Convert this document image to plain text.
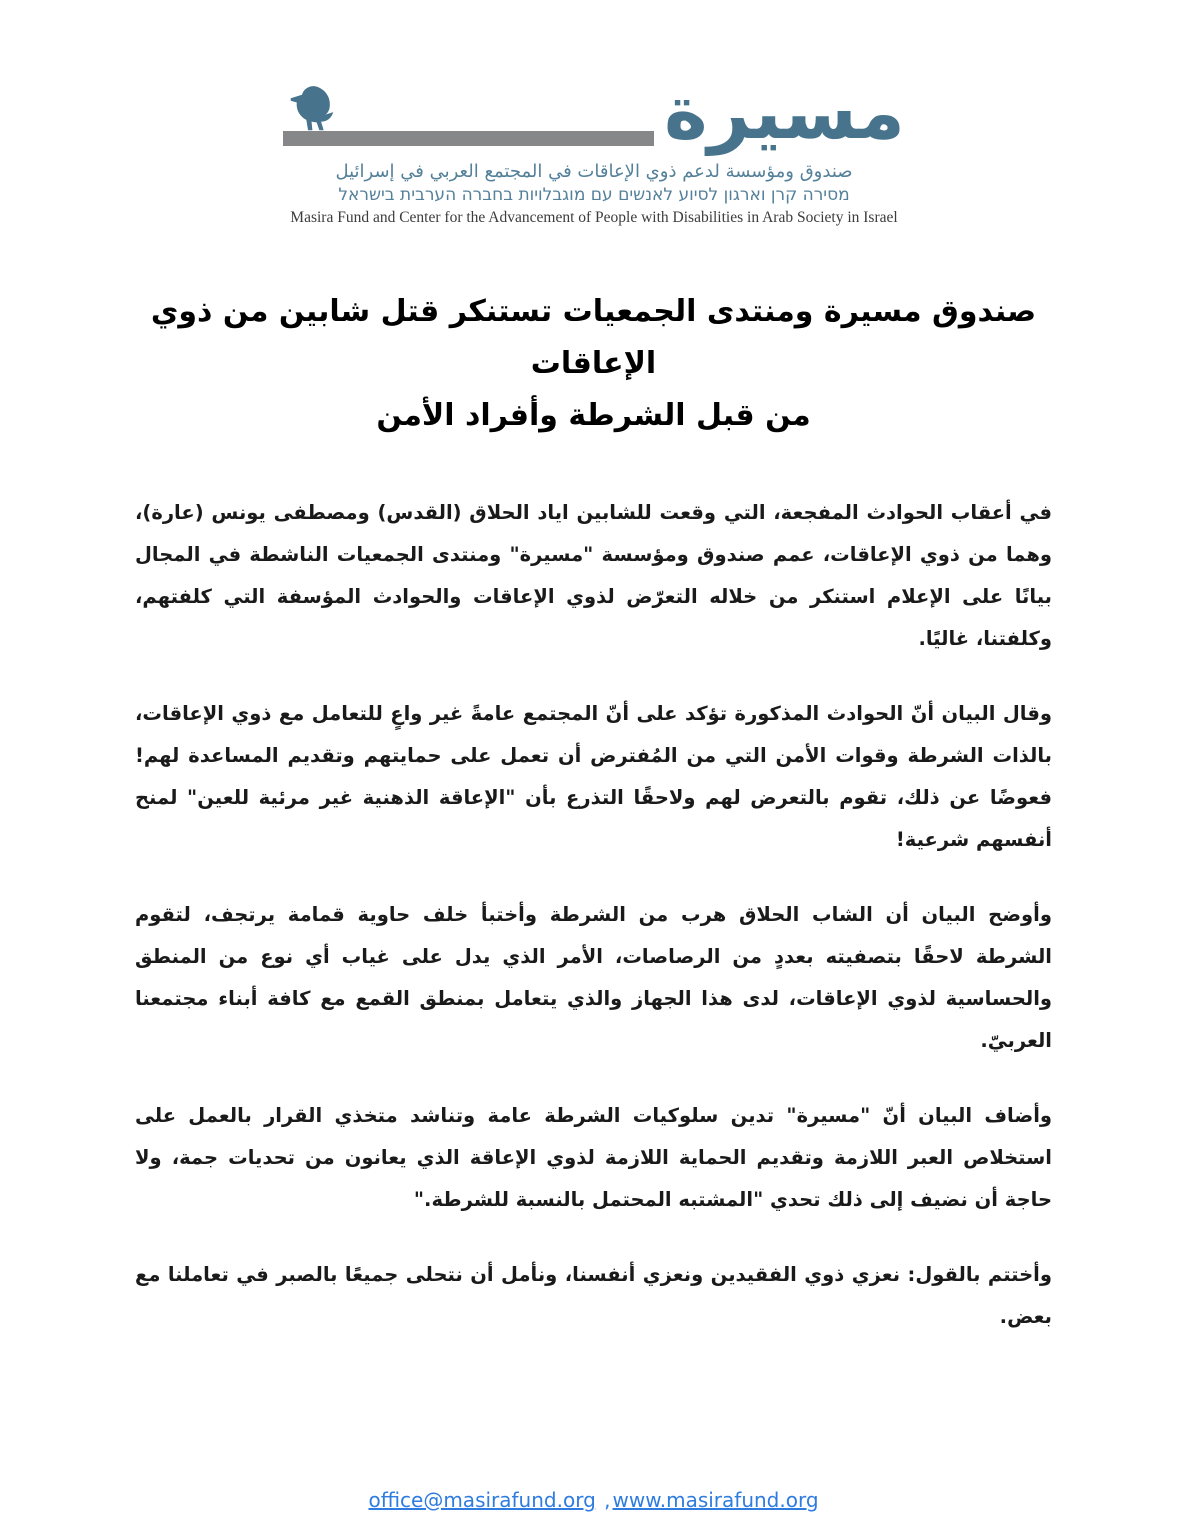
مسيرة
صندوق ومؤسسة لدعم ذوي الإعاقات في المجتمع العربي في إسرائيل
מסירה קרן וארגון לסיוע לאנשים עם מוגבלויות בחברה הערבית בישראל
Masira Fund and Center for the Advancement of People with Disabilities in Arab Society in Israel
صندوق مسيرة ومنتدى الجمعيات تستنكر قتل شابين من ذوي الإعاقات
من قبل الشرطة وأفراد الأمن

في أعقاب الحوادث المفجعة، التي وقعت للشابين اياد الحلاق (القدس) ومصطفى يونس (عارة)، وهما من ذوي الإعاقات، عمم صندوق ومؤسسة "مسيرة" ومنتدى الجمعيات الناشطة في المجال بيانًا على الإعلام استنكر من خلاله التعرّض لذوي الإعاقات والحوادث المؤسفة التي كلفتهم، وكلفتنا، غاليًا.

وقال البيان أنّ الحوادث المذكورة تؤكد على أنّ المجتمع عامةً غير واعٍ للتعامل مع ذوي الإعاقات، بالذات الشرطة وقوات الأمن التي من المُفترض أن تعمل على حمايتهم وتقديم المساعدة لهم! فعوضًا عن ذلك، تقوم بالتعرض لهم ولاحقًا التذرع بأن "الإعاقة الذهنية غير مرئية للعين" لمنح أنفسهم شرعية!

وأوضح البيان أن الشاب الحلاق هرب من الشرطة وأختبأ خلف حاوية قمامة يرتجف، لتقوم الشرطة لاحقًا بتصفيته بعددٍ من الرصاصات، الأمر الذي يدل على غياب أي نوع من المنطق والحساسية لذوي الإعاقات، لدى هذا الجهاز والذي يتعامل بمنطق القمع مع كافة أبناء مجتمعنا العربيّ.

وأضاف البيان أنّ "مسيرة" تدين سلوكيات الشرطة عامة وتناشد متخذي القرار بالعمل على استخلاص العبر اللازمة وتقديم الحماية اللازمة لذوي الإعاقة الذي يعانون من تحديات جمة، ولا حاجة أن نضيف إلى ذلك تحدي "المشتبه المحتمل بالنسبة للشرطة."

وأختتم بالقول: نعزي ذوي الفقيدين ونعزي أنفسنا، ونأمل أن نتحلى جميعًا بالصبر في تعاملنا مع بعض.

office@masirafund.org , www.masirafund.org
